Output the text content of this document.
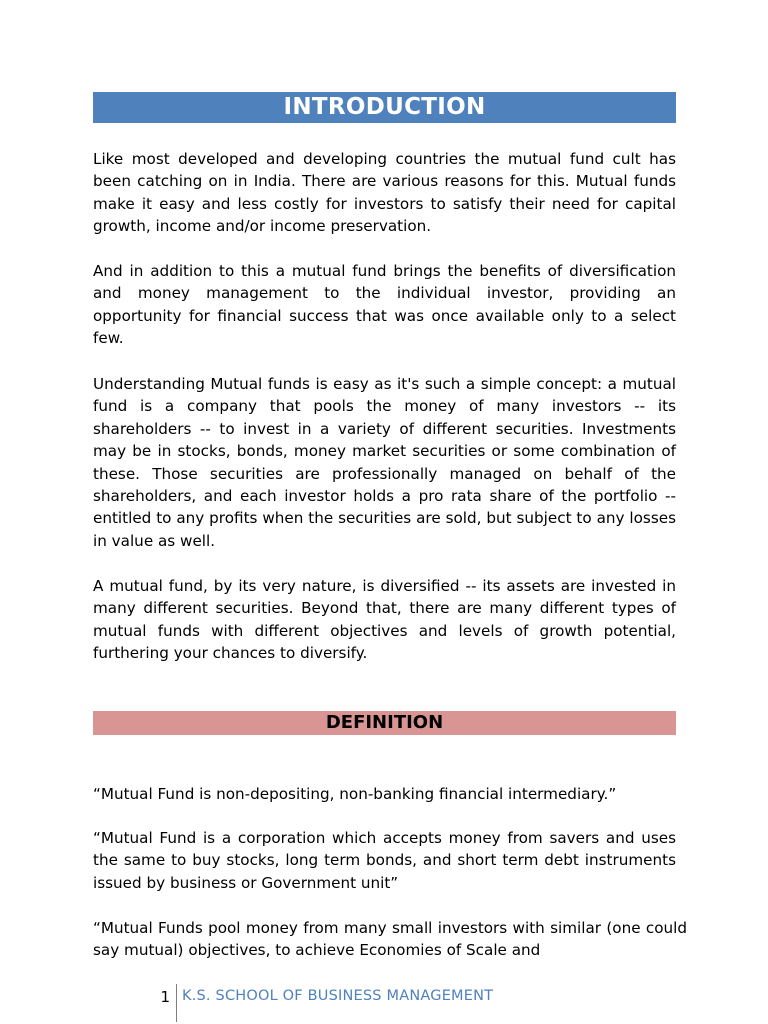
INTRODUCTION

Like most developed and developing countries the mutual fund cult has been catching on in India. There are various reasons for this. Mutual funds make it easy and less costly for investors to satisfy their need for capital growth, income and/or income preservation.

And in addition to this a mutual fund brings the benefits of diversification and money management to the individual investor, providing an opportunity for financial success that was once available only to a select few.

Understanding Mutual funds is easy as it's such a simple concept: a mutual fund is a company that pools the money of many investors -- its shareholders -- to invest in a variety of different securities. Investments may be in stocks, bonds, money market securities or some combination of these. Those securities are professionally managed on behalf of the shareholders, and each investor holds a pro rata share of the portfolio -- entitled to any profits when the securities are sold, but subject to any losses in value as well.

A mutual fund, by its very nature, is diversified -- its assets are invested in many different securities. Beyond that, there are many different types of mutual funds with different objectives and levels of growth potential, furthering your chances to diversify.

DEFINITION

“Mutual Fund is non-depositing, non-banking financial intermediary.”

“Mutual Fund is a corporation which accepts money from savers and uses the same to buy stocks, long term bonds, and short term debt instruments issued by business or Government unit”

“Mutual Funds pool money from many small investors with similar (one could say mutual) objectives, to achieve Economies of Scale and

1 K.S. SCHOOL OF BUSINESS MANAGEMENT
